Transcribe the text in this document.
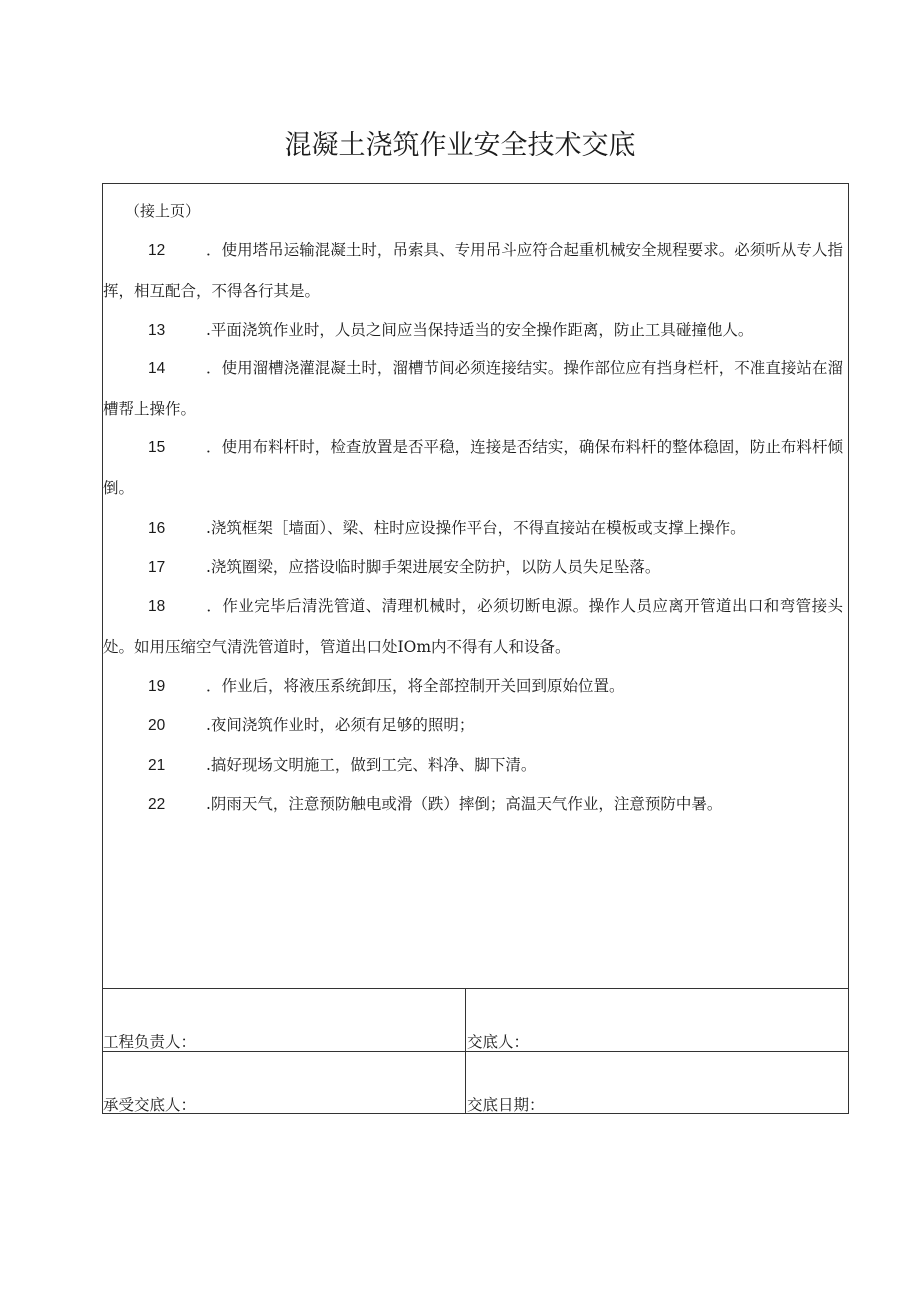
混凝土浇筑作业安全技术交底
（接上页）
12	．使用塔吊运输混凝土时，吊索具、专用吊斗应符合起重机械安全规程要求。必须听从专人指挥，相互配合，不得各行其是。
13	.平面浇筑作业时，人员之间应当保持适当的安全操作距离，防止工具碰撞他人。
14	．使用溜槽浇灌混凝土时，溜槽节间必须连接结实。操作部位应有挡身栏杆，不准直接站在溜槽帮上操作。
15	．使用布料杆时，检查放置是否平稳，连接是否结实，确保布料杆的整体稳固，防止布料杆倾倒。
16	.浇筑框架［墙面）、梁、柱时应设操作平台，不得直接站在模板或支撑上操作。
17	.浇筑圈梁，应搭设临时脚手架进展安全防护，以防人员失足坠落。
18	．作业完毕后清洗管道、清理机械时，必须切断电源。操作人员应离开管道出口和弯管接头处。如用压缩空气清洗管道时，管道出口处IOm内不得有人和设备。
19	．作业后，将液压系统卸压，将全部控制开关回到原始位置。
20	.夜间浇筑作业时，必须有足够的照明；
21	.搞好现场文明施工，做到工完、料净、脚下清。
22	.阴雨天气，注意预防触电或滑（跌）摔倒；高温天气作业，注意预防中暑。
工程负责人：	交底人：
承受交底人：	交底日期：
